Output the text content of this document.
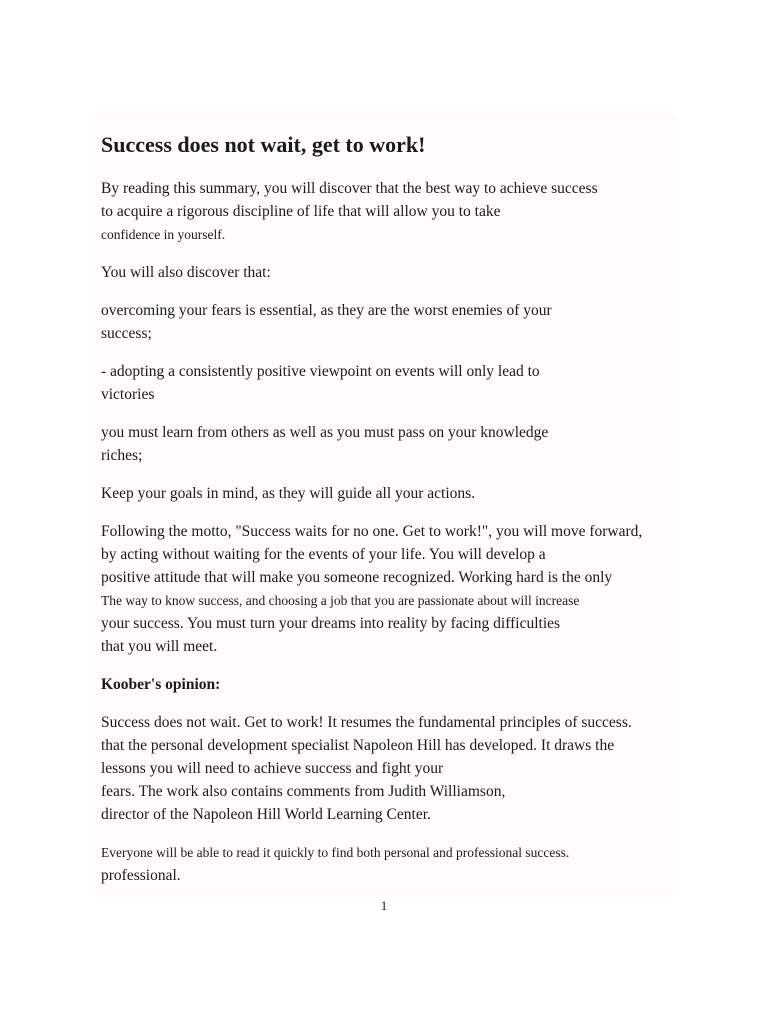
Success does not wait, get to work!
By reading this summary, you will discover that the best way to achieve success
to acquire a rigorous discipline of life that will allow you to take
confidence in yourself.
You will also discover that:
overcoming your fears is essential, as they are the worst enemies of your
success;
- adopting a consistently positive viewpoint on events will only lead to
victories
you must learn from others as well as you must pass on your knowledge
riches;
Keep your goals in mind, as they will guide all your actions.
Following the motto, "Success waits for no one. Get to work!", you will move forward,
by acting without waiting for the events of your life. You will develop a
positive attitude that will make you someone recognized. Working hard is the only
The way to know success, and choosing a job that you are passionate about will increase
your success. You must turn your dreams into reality by facing difficulties
that you will meet.
Koober's opinion:
Success does not wait. Get to work! It resumes the fundamental principles of success.
that the personal development specialist Napoleon Hill has developed. It draws the
lessons you will need to achieve success and fight your
fears. The work also contains comments from Judith Williamson,
director of the Napoleon Hill World Learning Center.
Everyone will be able to read it quickly to find both personal and professional success.
professional.
1
